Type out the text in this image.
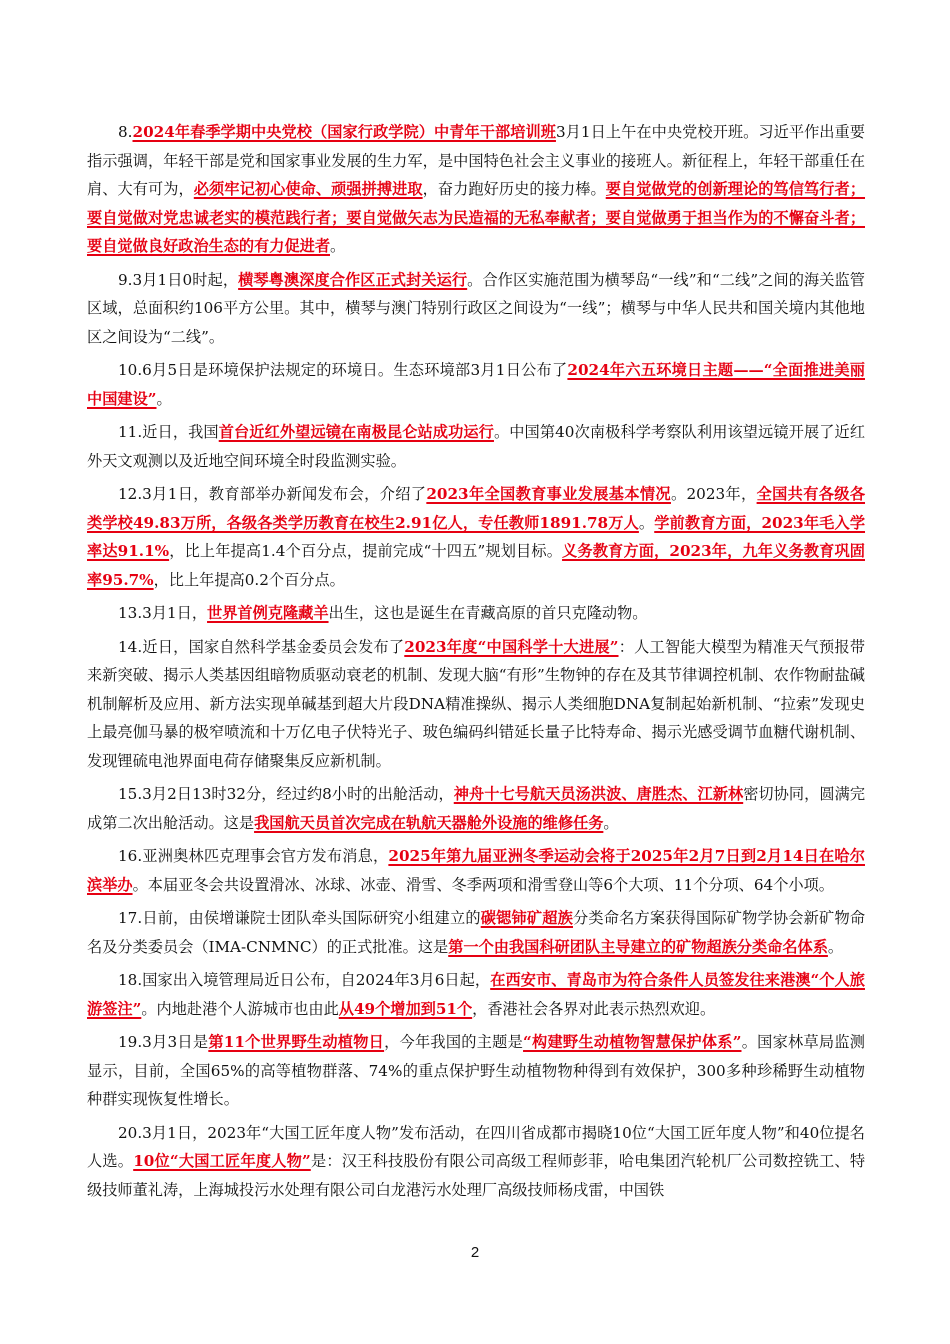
8.2024年春季学期中央党校（国家行政学院）中青年干部培训班3月1日上午在中央党校开班。习近平作出重要指示强调，年轻干部是党和国家事业发展的生力军，是中国特色社会主义事业的接班人。新征程上，年轻干部重任在肩、大有可为，必须牢记初心使命、顽强拼搏进取，奋力跑好历史的接力棒。要自觉做党的创新理论的笃信笃行者；要自觉做对党忠诚老实的模范践行者；要自觉做矢志为民造福的无私奉献者；要自觉做勇于担当作为的不懈奋斗者；要自觉做良好政治生态的有力促进者。

9.3月1日0时起，横琴粤澳深度合作区正式封关运行。合作区实施范围为横琴岛“一线”和“二线”之间的海关监管区域，总面积约106平方公里。其中，横琴与澳门特别行政区之间设为“一线”；横琴与中华人民共和国关境内其他地区之间设为“二线”。

10.6月5日是环境保护法规定的环境日。生态环境部3月1日公布了2024年六五环境日主题——“全面推进美丽中国建设”。

11.近日，我国首台近红外望远镜在南极昆仑站成功运行。中国第40次南极科学考察队利用该望远镜开展了近红外天文观测以及近地空间环境全时段监测实验。

12.3月1日，教育部举办新闻发布会，介绍了2023年全国教育事业发展基本情况。2023年，全国共有各级各类学校49.83万所，各级各类学历教育在校生2.91亿人，专任教师1891.78万人。学前教育方面，2023年毛入学率达91.1%，比上年提高1.4个百分点，提前完成“十四五”规划目标。义务教育方面，2023年，九年义务教育巩固率95.7%，比上年提高0.2个百分点。

13.3月1日，世界首例克隆藏羊出生，这也是诞生在青藏高原的首只克隆动物。

14.近日，国家自然科学基金委员会发布了2023年度“中国科学十大进展”：人工智能大模型为精准天气预报带来新突破、揭示人类基因组暗物质驱动衰老的机制、发现大脑“有形”生物钟的存在及其节律调控机制、农作物耐盐碱机制解析及应用、新方法实现单碱基到超大片段DNA精准操纵、揭示人类细胞DNA复制起始新机制、“拉索”发现史上最亮伽马暴的极窄喷流和十万亿电子伏特光子、玻色编码纠错延长量子比特寿命、揭示光感受调节血糖代谢机制、发现锂硫电池界面电荷存储聚集反应新机制。

15.3月2日13时32分，经过约8小时的出舱活动，神舟十七号航天员汤洪波、唐胜杰、江新林密切协同，圆满完成第二次出舱活动。这是我国航天员首次完成在轨航天器舱外设施的维修任务。

16.亚洲奥林匹克理事会官方发布消息，2025年第九届亚洲冬季运动会将于2025年2月7日到2月14日在哈尔滨举办。本届亚冬会共设置滑冰、冰球、冰壶、滑雪、冬季两项和滑雪登山等6个大项、11个分项、64个小项。

17.日前，由侯增谦院士团队牵头国际研究小组建立的碳锶铈矿超族分类命名方案获得国际矿物学协会新矿物命名及分类委员会（IMA-CNMNC）的正式批准。这是第一个由我国科研团队主导建立的矿物超族分类命名体系。

18.国家出入境管理局近日公布，自2024年3月6日起，在西安市、青岛市为符合条件人员签发往来港澳“个人旅游签注”。内地赴港个人游城市也由此从49个增加到51个，香港社会各界对此表示热烈欢迎。

19.3月3日是第11个世界野生动植物日，今年我国的主题是“构建野生动植物智慧保护体系”。国家林草局监测显示，目前，全国65%的高等植物群落、74%的重点保护野生动植物物种得到有效保护，300多种珍稀野生动植物种群实现恢复性增长。

20.3月1日，2023年“大国工匠年度人物”发布活动，在四川省成都市揭晓10位“大国工匠年度人物”和40位提名人选。10位“大国工匠年度人物”是：汉王科技股份有限公司高级工程师彭菲，哈电集团汽轮机厂公司数控铣工、特级技师董礼涛，上海城投污水处理有限公司白龙港污水处理厂高级技师杨戌雷，中国铁

2
